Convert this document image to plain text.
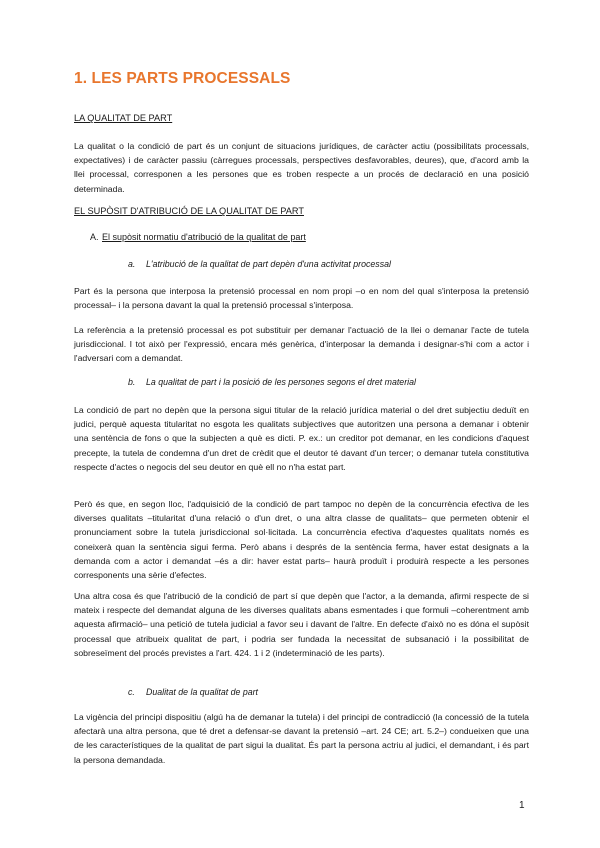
1. LES PARTS PROCESSALS
LA QUALITAT DE PART

La qualitat o la condició de part és un conjunt de situacions jurídiques, de caràcter actiu (possibilitats processals, expectatives) i de caràcter passiu (càrregues processals, perspectives desfavorables, deures), que, d'acord amb la llei processal, corresponen a les persones que es troben respecte a un procés de declaració en una posició determinada.

EL SUPÒSIT D'ATRIBUCIÓ DE LA QUALITAT DE PART
A. El supòsit normatiu d'atribució de la qualitat de part
a. L'atribució de la qualitat de part depèn d'una activitat processal

Part és la persona que interposa la pretensió processal en nom propi –o en nom del qual s'interposa la pretensió processal– i la persona davant la qual la pretensió processal s'interposa.

La referència a la pretensió processal es pot substituir per demanar l'actuació de la llei o demanar l'acte de tutela jurisdiccional. I tot això per l'expressió, encara més genèrica, d'interposar la demanda i designar-s'hi com a actor i l'adversari com a demandat.

b. La qualitat de part i la posició de les persones segons el dret material

La condició de part no depèn que la persona sigui titular de la relació jurídica material o del dret subjectiu deduït en judici, perquè aquesta titularitat no esgota les qualitats subjectives que autoritzen una persona a demanar i obtenir una sentència de fons o que la subjecten a què es dicti. P. ex.: un creditor pot demanar, en les condicions d'aquest precepte, la tutela de condemna d'un dret de crèdit que el deutor té davant d'un tercer; o demanar tutela constitutiva respecte d'actes o negocis del seu deutor en què ell no n'ha estat part.

Però és que, en segon lloc, l'adquisició de la condició de part tampoc no depèn de la concurrència efectiva de les diverses qualitats –titularitat d'una relació o d'un dret, o una altra classe de qualitats– que permeten obtenir el pronunciament sobre la tutela jurisdiccional sol·licitada. La concurrència efectiva d'aquestes qualitats només es coneixerà quan la sentència sigui ferma. Però abans i després de la sentència ferma, haver estat designats a la demanda com a actor i demandat –és a dir: haver estat parts– haurà produït i produirà respecte a les persones corresponents una sèrie d'efectes.

Una altra cosa és que l'atribució de la condició de part sí que depèn que l'actor, a la demanda, afirmi respecte de si mateix i respecte del demandat alguna de les diverses qualitats abans esmentades i que formuli –coherentment amb aquesta afirmació– una petició de tutela judicial a favor seu i davant de l'altre. En defecte d'això no es dóna el supòsit processal que atribueix qualitat de part, i podria ser fundada la necessitat de subsanació i la possibilitat de sobreseïment del procés previstes a l'art. 424. 1 i 2 (indeterminació de les parts).

c. Dualitat de la qualitat de part

La vigència del principi dispositiu (algú ha de demanar la tutela) i del principi de contradicció (la concessió de la tutela afectarà una altra persona, que té dret a defensar-se davant la pretensió –art. 24 CE; art. 5.2–) condueixen que una de les característiques de la qualitat de part sigui la dualitat. És part la persona actriu al judici, el demandant, i és part la persona demandada.

1
